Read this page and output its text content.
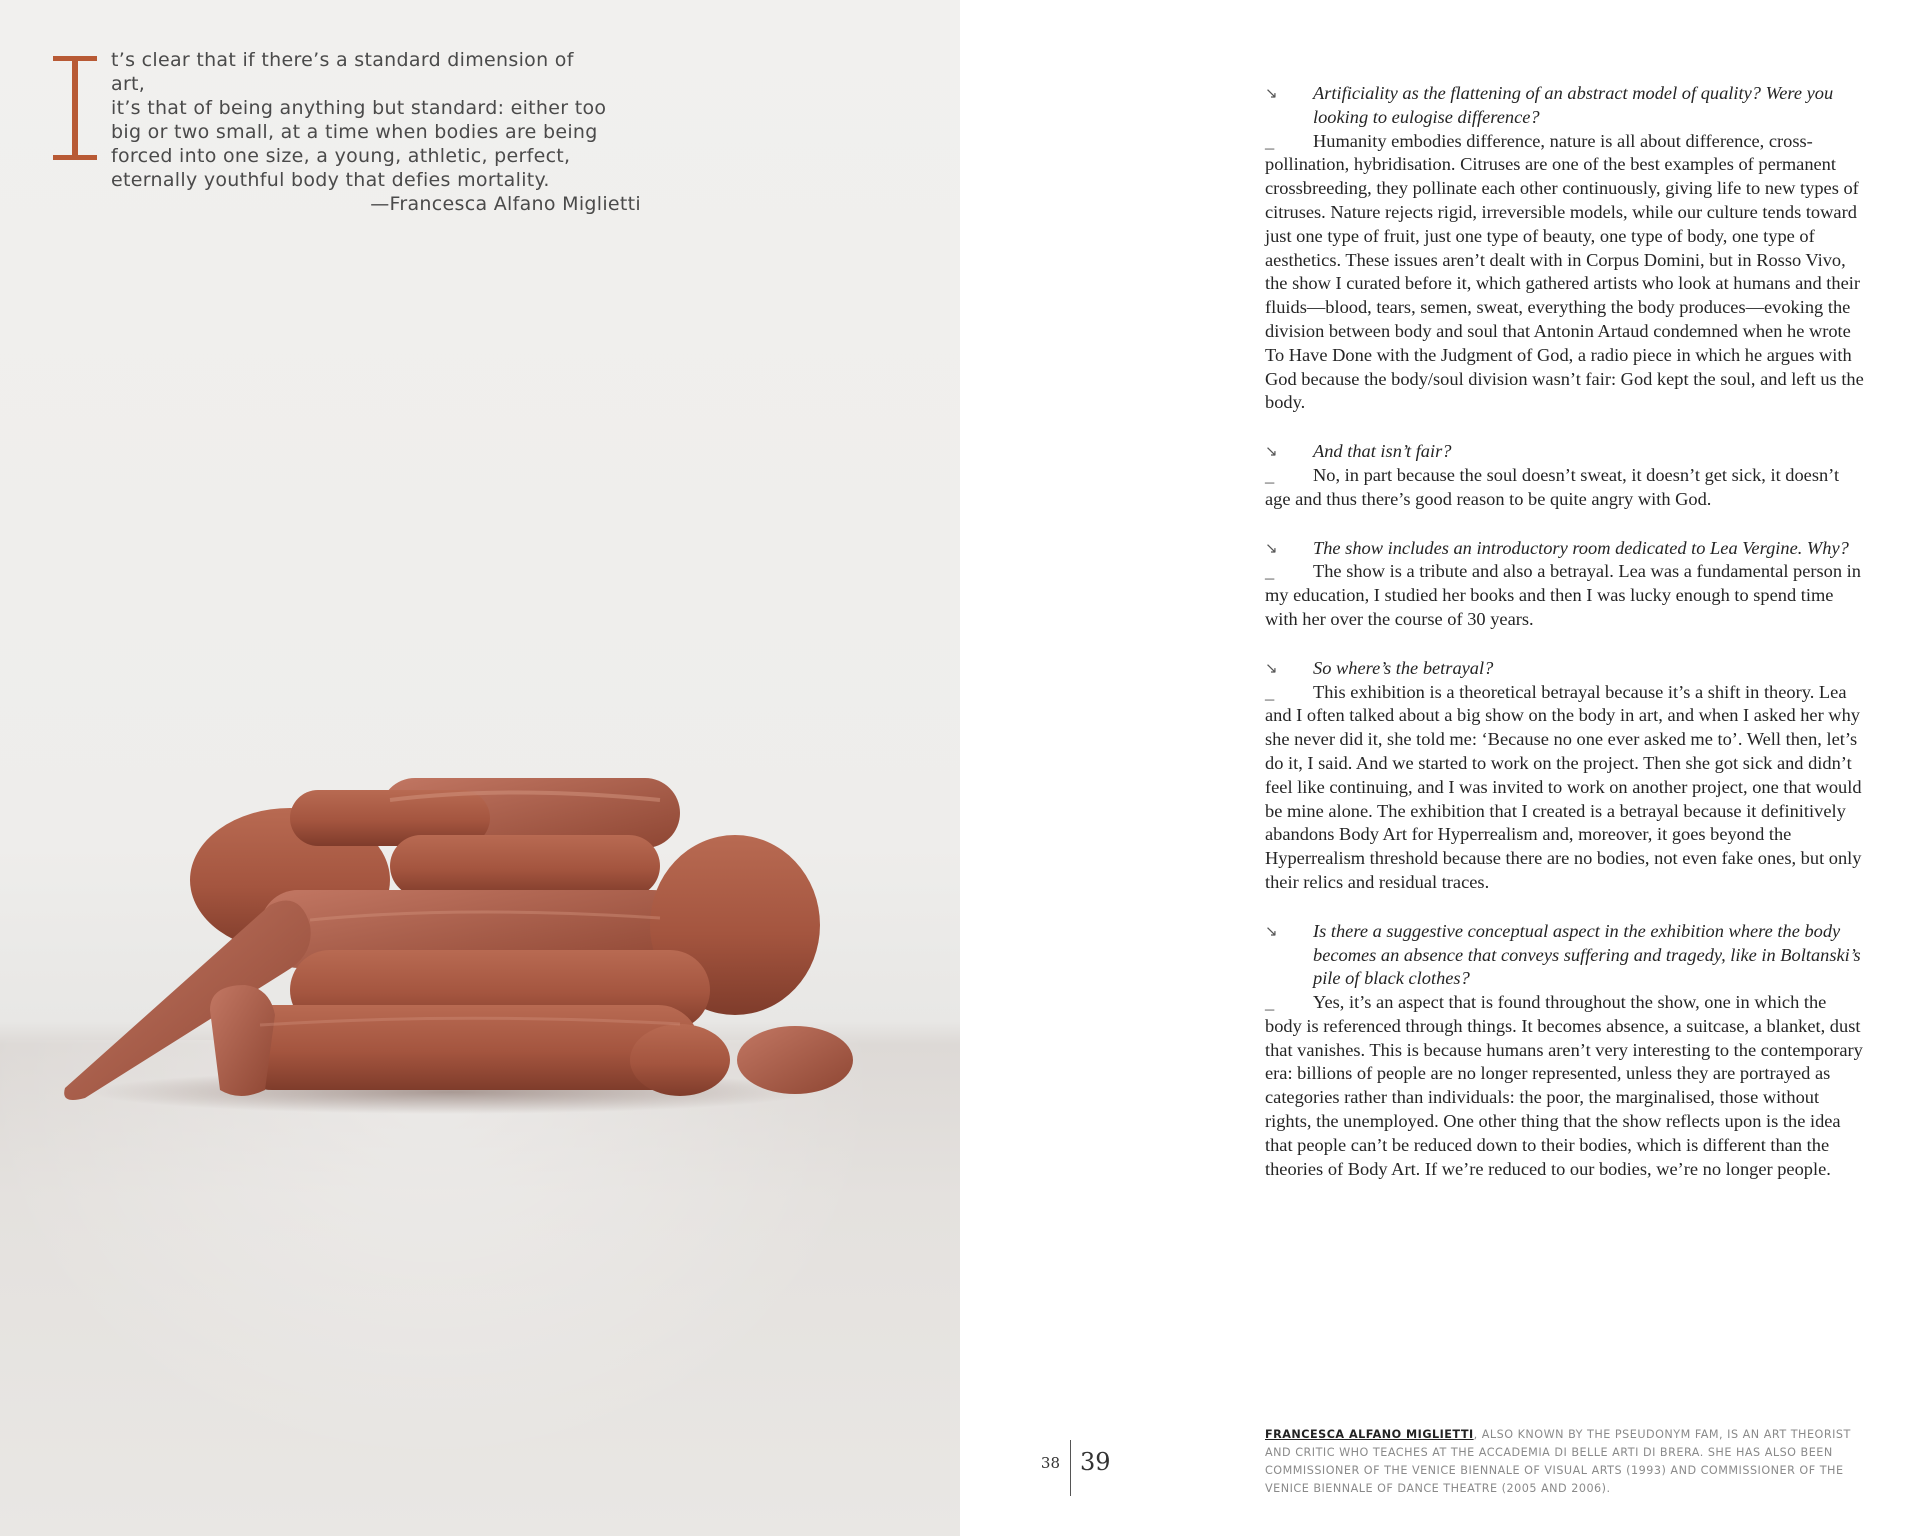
t’s clear that if there’s a standard dimension of art,
it’s that of being anything but standard: either too
big or two small, at a time when bodies are being
forced into one size, a young, athletic, perfect,
eternally youthful body that defies mortality.

—Francesca Alfano Miglietti

↘	Artificiality as the flattening of an abstract model of quality? Were you looking to eulogise difference?

_ Humanity embodies difference, nature is all about difference, cross-pollination, hybridisation. Citruses are one of the best examples of permanent crossbreeding, they pollinate each other continuously, giving life to new types of citruses. Nature rejects rigid, irreversible models, while our culture tends toward just one type of fruit, just one type of beauty, one type of body, one type of aesthetics. These issues aren’t dealt with in Corpus Domini, but in Rosso Vivo, the show I curated before it, which gathered artists who look at humans and their fluids—blood, tears, semen, sweat, everything the body produces—evoking the division between body and soul that Antonin Artaud condemned when he wrote To Have Done with the Judgment of God, a radio piece in which he argues with God because the body/soul division wasn’t fair: God kept the soul, and left us the body.

↘	And that isn’t fair?

_ No, in part because the soul doesn’t sweat, it doesn’t get sick, it doesn’t age and thus there’s good reason to be quite angry with God.

↘	The show includes an introductory room dedicated to Lea Vergine. Why?

_ The show is a tribute and also a betrayal. Lea was a fundamental person in my education, I studied her books and then I was lucky enough to spend time with her over the course of 30 years.

↘	So where’s the betrayal?

_ This exhibition is a theoretical betrayal because it’s a shift in theory. Lea and I often talked about a big show on the body in art, and when I asked her why she never did it, she told me: ‘Because no one ever asked me to’. Well then, let’s do it, I said. And we started to work on the project. Then she got sick and didn’t feel like continuing, and I was invited to work on another project, one that would be mine alone. The exhibition that I created is a betrayal because it definitively abandons Body Art for Hyperrealism and, moreover, it goes beyond the Hyperrealism threshold because there are no bodies, not even fake ones, but only their relics and residual traces.

↘	Is there a suggestive conceptual aspect in the exhibition where the body becomes an absence that conveys suffering and tragedy, like in Boltanski’s pile of black clothes?

_ Yes, it’s an aspect that is found throughout the show, one in which the body is referenced through things. It becomes absence, a suitcase, a blanket, dust that vanishes. This is because humans aren’t very interesting to the contemporary era: billions of people are no longer represented, unless they are portrayed as categories rather than individuals: the poor, the marginalised, those without rights, the unemployed. One other thing that the show reflects upon is the idea that people can’t be reduced down to their bodies, which is different than the theories of Body Art. If we’re reduced to our bodies, we’re no longer people.

38 39

FRANCESCA ALFANO MIGLIETTI, ALSO KNOWN BY THE PSEUDONYM FAM, IS AN ART THEORIST AND CRITIC WHO TEACHES AT THE ACCADEMIA DI BELLE ARTI DI BRERA. SHE HAS ALSO BEEN COMMISSIONER OF THE VENICE BIENNALE OF VISUAL ARTS (1993) AND COMMISSIONER OF THE VENICE BIENNALE OF DANCE THEATRE (2005 AND 2006).
